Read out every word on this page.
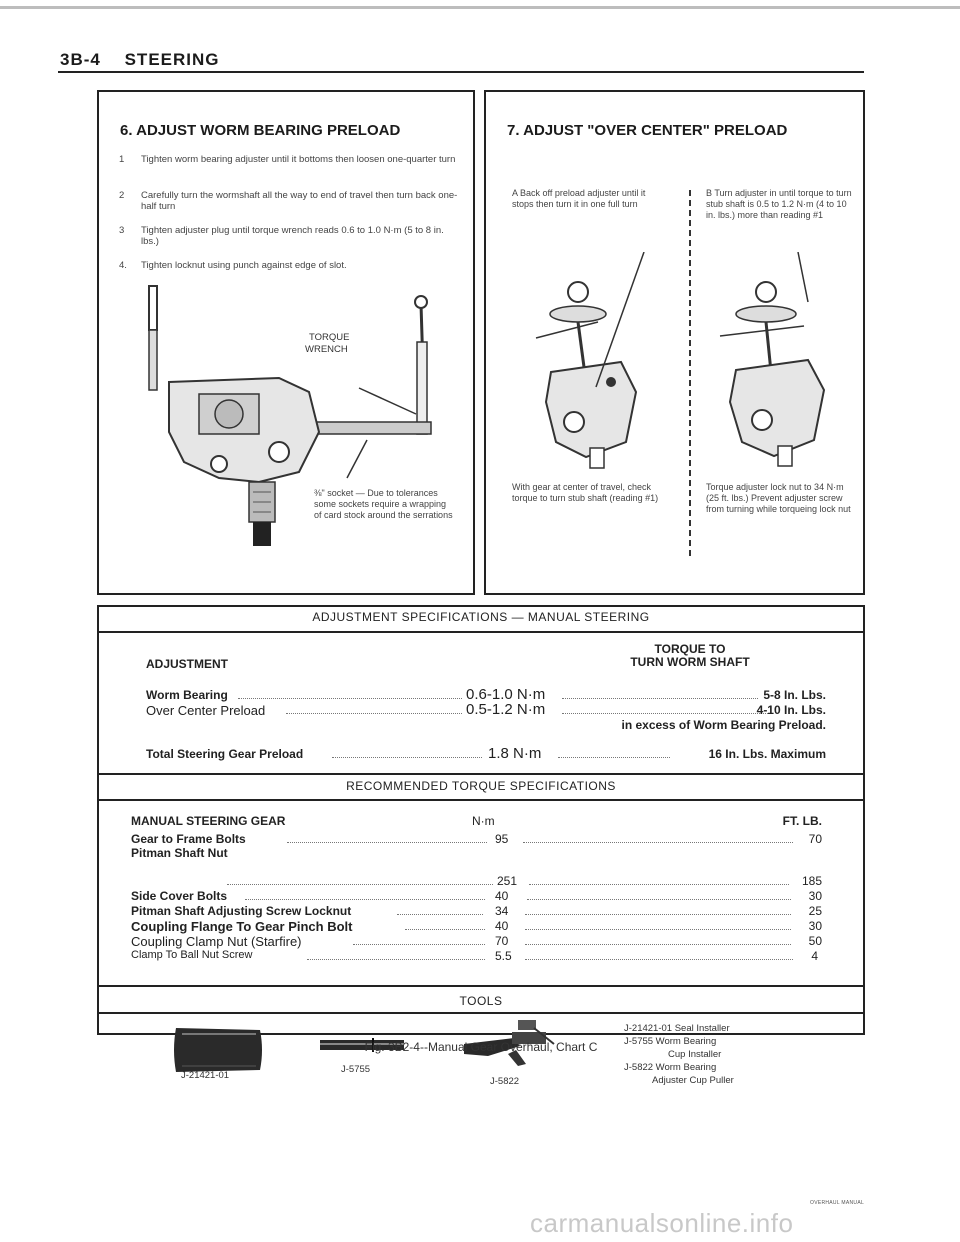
3B-4 STEERING
6. ADJUST WORM BEARING PRELOAD
1 Tighten worm bearing adjuster until it bottoms then loosen one-quarter turn
2 Carefully turn the wormshaft all the way to end of travel then turn back one-half turn
3 Tighten adjuster plug until torque wrench reads 0.6 to 1.0 N·m (5 to 8 in. lbs.)
4. Tighten locknut using punch against edge of slot.
TORQUE
WRENCH
⅜" socket — Due to tolerances some sockets require a wrapping of card stock around the serrations
7. ADJUST "OVER CENTER" PRELOAD
A Back off preload adjuster until it stops then turn it in one full turn
B Turn adjuster in until torque to turn stub shaft is 0.5 to 1.2 N·m (4 to 10 in. lbs.) more than reading #1
With gear at center of travel, check torque to turn stub shaft (reading #1)
Torque adjuster lock nut to 34 N·m (25 ft. lbs.) Prevent adjuster screw from turning while torqueing lock nut
ADJUSTMENT SPECIFICATIONS — MANUAL STEERING
TORQUE TO
ADJUSTMENT	TURN WORM SHAFT
Worm Bearing	0.6-1.0 N·m	5-8 In. Lbs.
Over Center Preload	0.5-1.2 N·m	4-10 In. Lbs.
in excess of Worm Bearing Preload.
Total Steering Gear Preload	1.8 N·m	16 In. Lbs. Maximum
RECOMMENDED TORQUE SPECIFICATIONS
MANUAL STEERING GEAR	N·m	FT. LB.
Gear to Frame Bolts	95	70
Pitman Shaft Nut
251	185
Side Cover Bolts	40	30
Pitman Shaft Adjusting Screw Locknut	34	25
Coupling Flange To Gear Pinch Bolt	40	30
Coupling Clamp Nut (Starfire)	70	50
Clamp To Ball Nut Screw	5.5	4
TOOLS
J-21421-01
J-5755
J-5822
J-21421-01 Seal Installer
J-5755 Worm Bearing
Cup Installer
J-5822 Worm Bearing
Adjuster Cup Puller
Fig. 3B2-4--Manual Gear Overhaul, Chart C
OVERHAUL MANUAL
carmanualsonline.info
